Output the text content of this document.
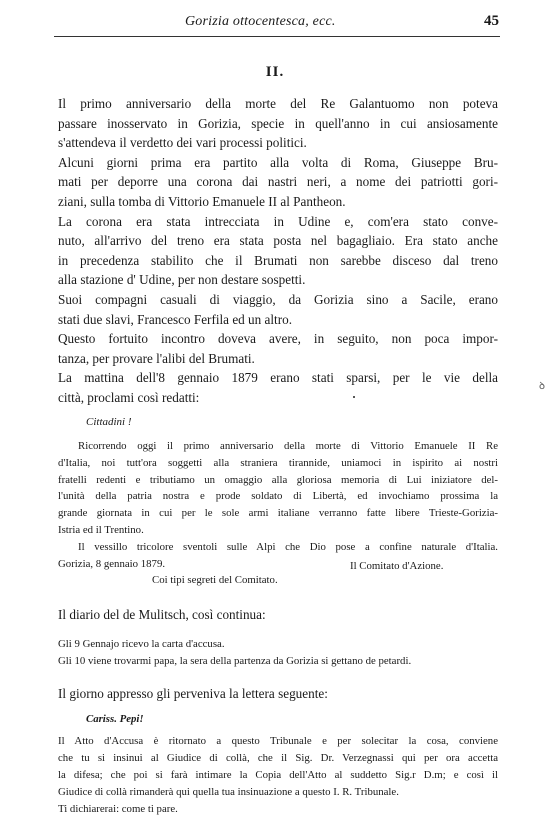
Gorizia ottocentesca, ecc.	45
II.
Il primo anniversario della morte del Re Galantuomo non poteva
passare inosservato in Gorizia, specie in quell'anno in cui ansiosamente
s'attendeva il verdetto dei vari processi politici.
Alcuni giorni prima era partito alla volta di Roma, Giuseppe Bru-
mati per deporre una corona dai nastri neri, a nome dei patriotti gori-
ziani, sulla tomba di Vittorio Emanuele II al Pantheon.
La corona era stata intrecciata in Udine e, com'era stato conve-
nuto, all'arrivo del treno era stata posta nel bagagliaio. Era stato anche
in precedenza stabilito che il Brumati non sarebbe disceso dal treno
alla stazione d' Udine, per non destare sospetti.
Suoi compagni casuali di viaggio, da Gorizia sino a Sacile, erano
stati due slavi, Francesco Ferfila ed un altro.
Questo fortuito incontro doveva avere, in seguito, non poca impor-
tanza, per provare l'alibi del Brumati.
La mattina dell'8 gennaio 1879 erano stati sparsi, per le vie della
città, proclami così redatti:
ꝺ
Cittadini !
Ricorrendo oggi il primo anniversario della morte di Vittorio Emanuele II Re
d'Italia, noi tutt'ora soggetti alla straniera tirannide, uniamoci in ispirito ai nostri
fratelli redenti e tributiamo un omaggio alla gloriosa memoria di Lui iniziatore del-
l'unità della patria nostra e prode soldato di Libertà, ed invochiamo prossima la
grande giornata in cui per le sole armi italiane verranno fatte libere Trieste-Gorizia-
Istria ed il Trentino.
Il vessillo tricolore sventoli sulle Alpi che Dio pose a confine naturale d'Italia.
Gorizia, 8 gennaio 1879.	Il Comitato d'Azione.
Coi tipi segreti del Comitato.
Il diario del de Mulitsch, così continua:
Gli 9 Gennajo ricevo la carta d'accusa.
Gli 10 viene trovarmi papa, la sera della partenza da Gorizia si gettano de petardi.
Il giorno appresso gli perveniva la lettera seguente:
Cariss. Pepi!
Il Atto d'Accusa è ritornato a questo Tribunale e per solecitar la cosa, conviene
che tu si insinui al Giudice di collà, che il Sig. Dr. Verzegnassi qui per ora accetta
la difesa; che poi si farà intimare la Copia dell'Atto al suddetto Sig.r D.m; e così il
Giudice di collà rimanderà qui quella tua insinuazione a questo I. R. Tribunale.
Ti dichiarerai: come ti pare.
